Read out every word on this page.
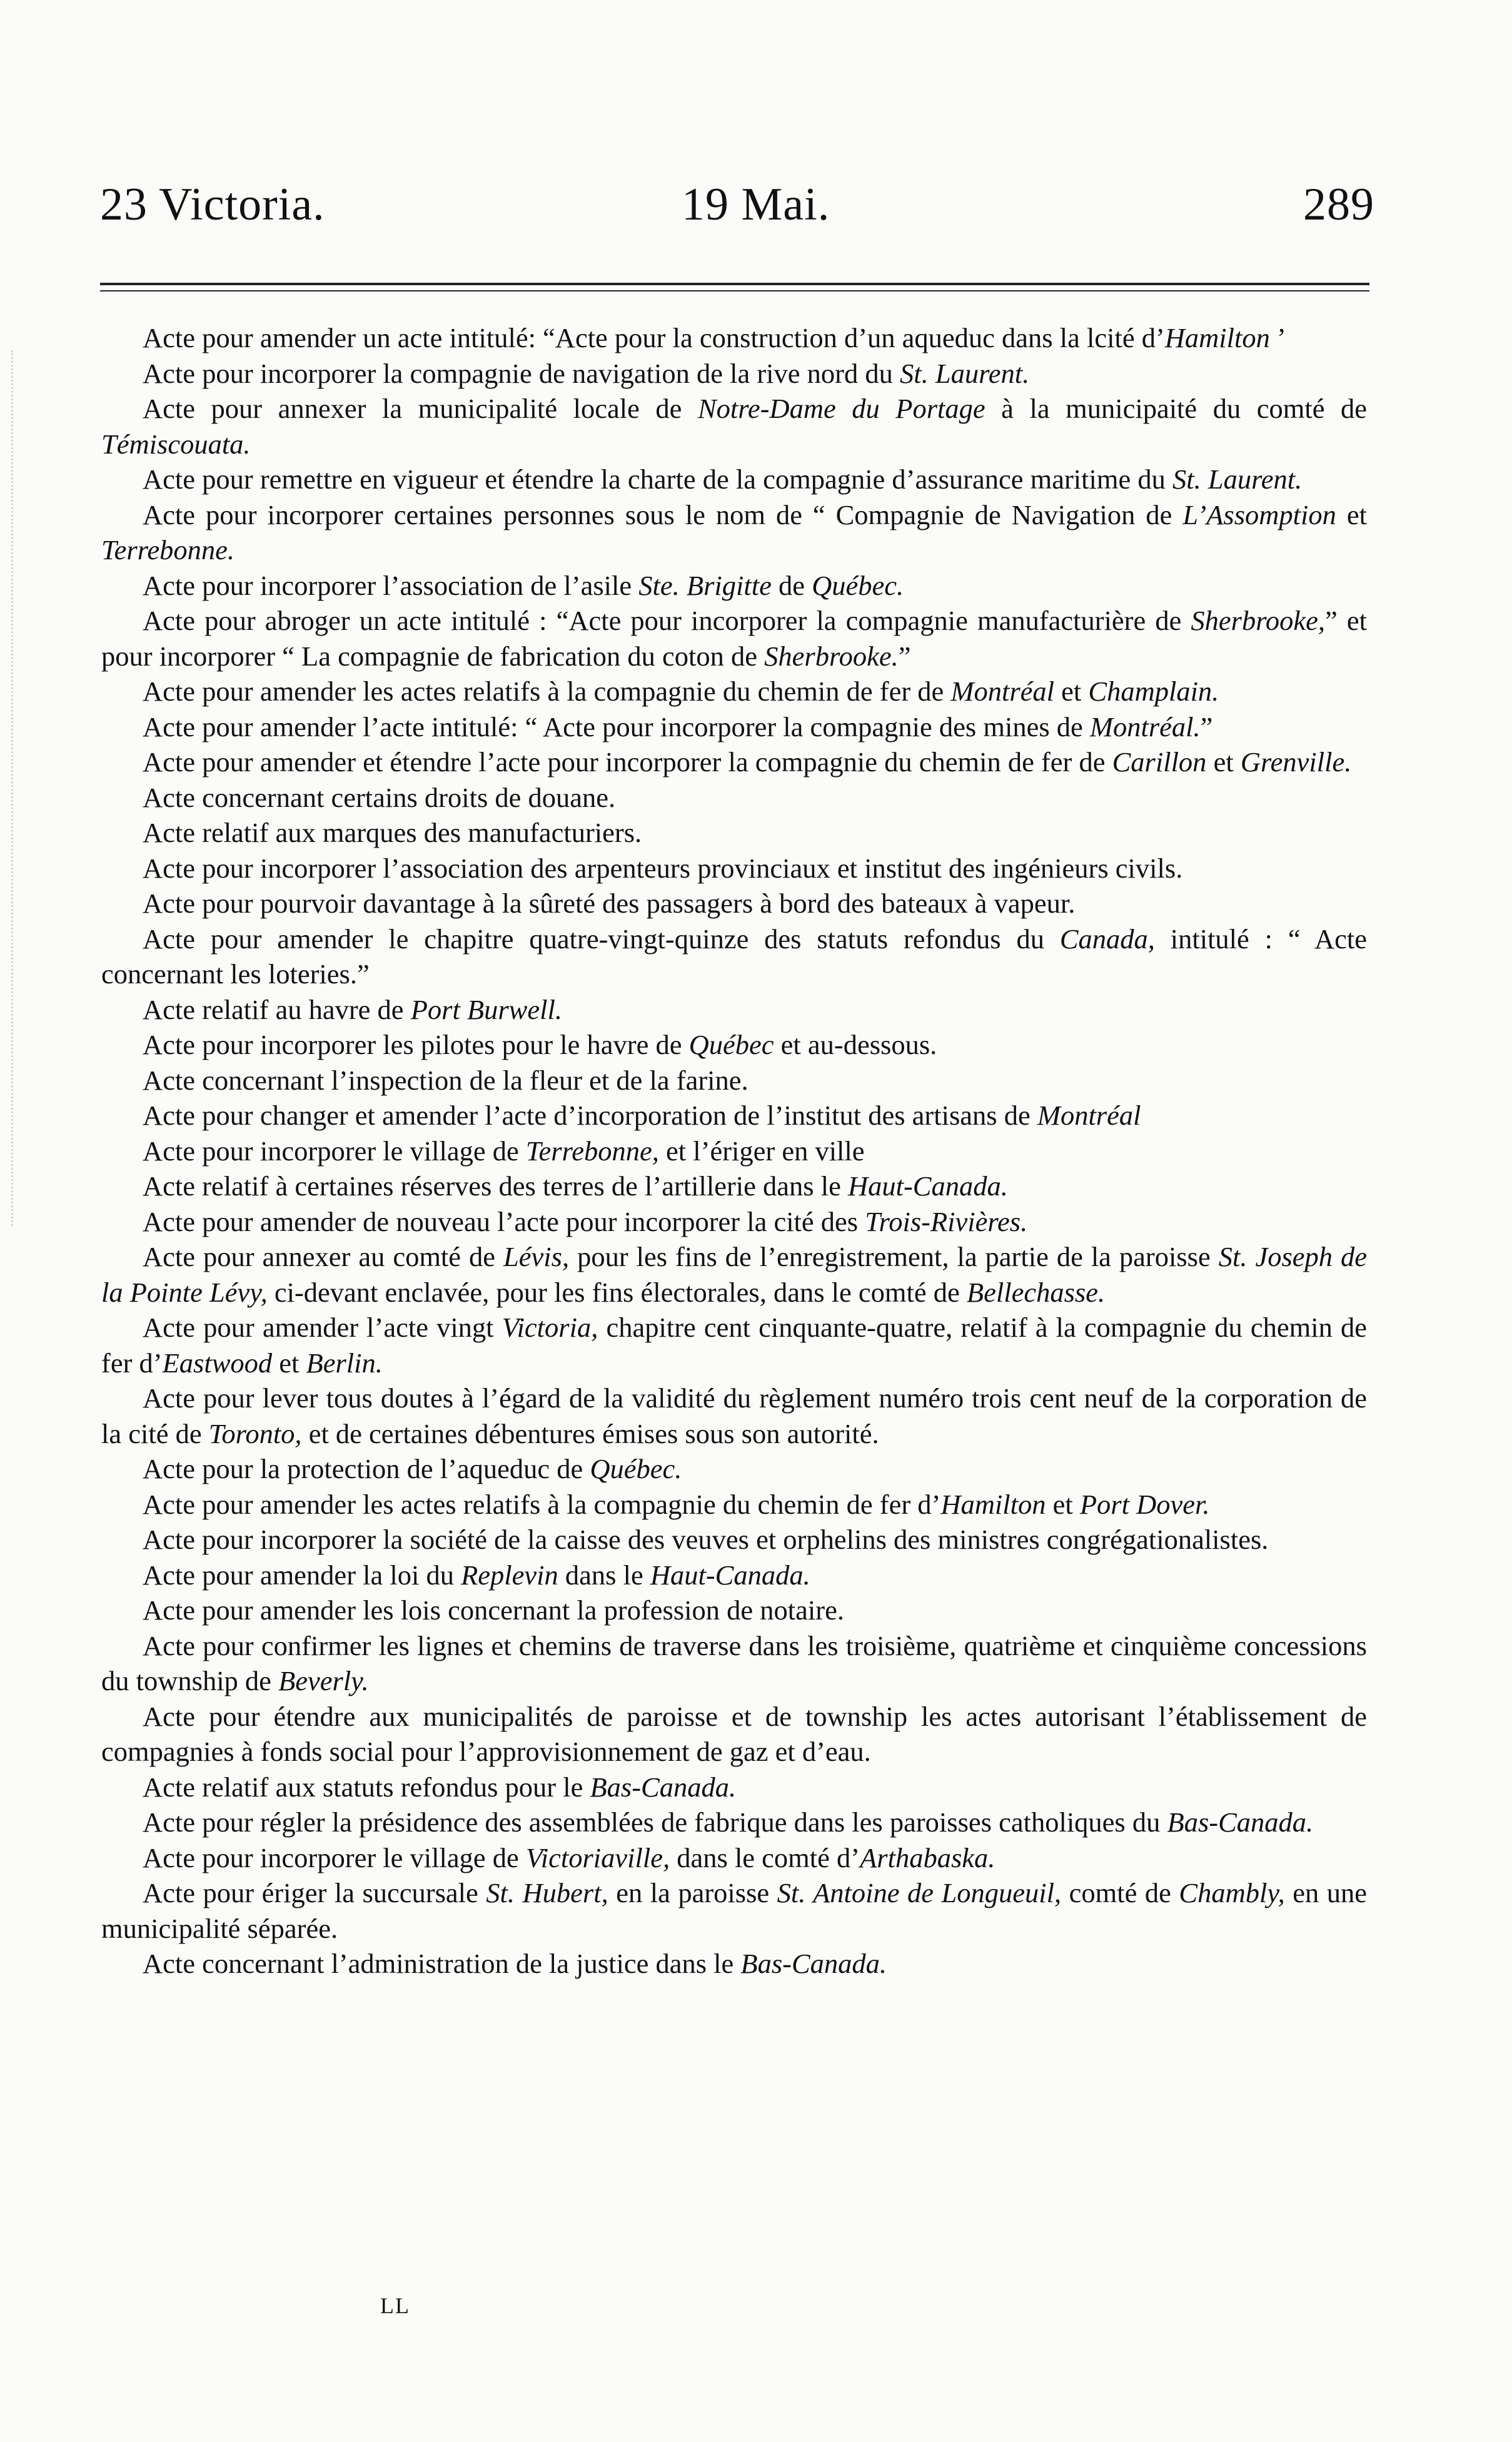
23 Victoria.	19 Mai.	289

Acte pour amender un acte intitulé: “Acte pour la construction d’un aqueduc dans la lcité d’Hamilton ’

Acte pour incorporer la compagnie de navigation de la rive nord du St. Laurent.

Acte pour annexer la municipalité locale de Notre-Dame du Portage à la municipaité du comté de Témiscouata.

Acte pour remettre en vigueur et étendre la charte de la compagnie d’assurance maritime du St. Laurent.

Acte pour incorporer certaines personnes sous le nom de “ Compagnie de Navigation de L’Assomption et Terrebonne.

Acte pour incorporer l’association de l’asile Ste. Brigitte de Québec.

Acte pour abroger un acte intitulé : “Acte pour incorporer la compagnie manufacturière de Sherbrooke,” et pour incorporer “ La compagnie de fabrication du coton de Sherbrooke.”

Acte pour amender les actes relatifs à la compagnie du chemin de fer de Montréal et Champlain.

Acte pour amender l’acte intitulé: “ Acte pour incorporer la compagnie des mines de Montréal.”

Acte pour amender et étendre l’acte pour incorporer la compagnie du chemin de fer de Carillon et Grenville.

Acte concernant certains droits de douane.

Acte relatif aux marques des manufacturiers.

Acte pour incorporer l’association des arpenteurs provinciaux et institut des ingénieurs civils.

Acte pour pourvoir davantage à la sûreté des passagers à bord des bateaux à vapeur.

Acte pour amender le chapitre quatre-vingt-quinze des statuts refondus du Canada, intitulé : “ Acte concernant les loteries.”

Acte relatif au havre de Port Burwell.

Acte pour incorporer les pilotes pour le havre de Québec et au-dessous.

Acte concernant l’inspection de la fleur et de la farine.

Acte pour changer et amender l’acte d’incorporation de l’institut des artisans de Montréal

Acte pour incorporer le village de Terrebonne, et l’ériger en ville

Acte relatif à certaines réserves des terres de l’artillerie dans le Haut-Canada.

Acte pour amender de nouveau l’acte pour incorporer la cité des Trois-Rivières.

Acte pour annexer au comté de Lévis, pour les fins de l’enregistrement, la partie de la paroisse St. Joseph de la Pointe Lévy, ci-devant enclavée, pour les fins électorales, dans le comté de Bellechasse.

Acte pour amender l’acte vingt Victoria, chapitre cent cinquante-quatre, relatif à la compagnie du chemin de fer d’Eastwood et Berlin.

Acte pour lever tous doutes à l’égard de la validité du règlement numéro trois cent neuf de la corporation de la cité de Toronto, et de certaines débentures émises sous son autorité.

Acte pour la protection de l’aqueduc de Québec.

Acte pour amender les actes relatifs à la compagnie du chemin de fer d’Hamilton et Port Dover.

Acte pour incorporer la société de la caisse des veuves et orphelins des ministres congrégationalistes.

Acte pour amender la loi du Replevin dans le Haut-Canada.

Acte pour amender les lois concernant la profession de notaire.

Acte pour confirmer les lignes et chemins de traverse dans les troisième, quatrième et cinquième concessions du township de Beverly.

Acte pour étendre aux municipalités de paroisse et de township les actes autorisant l’établissement de compagnies à fonds social pour l’approvisionnement de gaz et d’eau.

Acte relatif aux statuts refondus pour le Bas-Canada.

Acte pour régler la présidence des assemblées de fabrique dans les paroisses catholiques du Bas-Canada.

Acte pour incorporer le village de Victoriaville, dans le comté d’Arthabaska.

Acte pour ériger la succursale St. Hubert, en la paroisse St. Antoine de Longueuil, comté de Chambly, en une municipalité séparée.

Acte concernant l’administration de la justice dans le Bas-Canada.

LL
